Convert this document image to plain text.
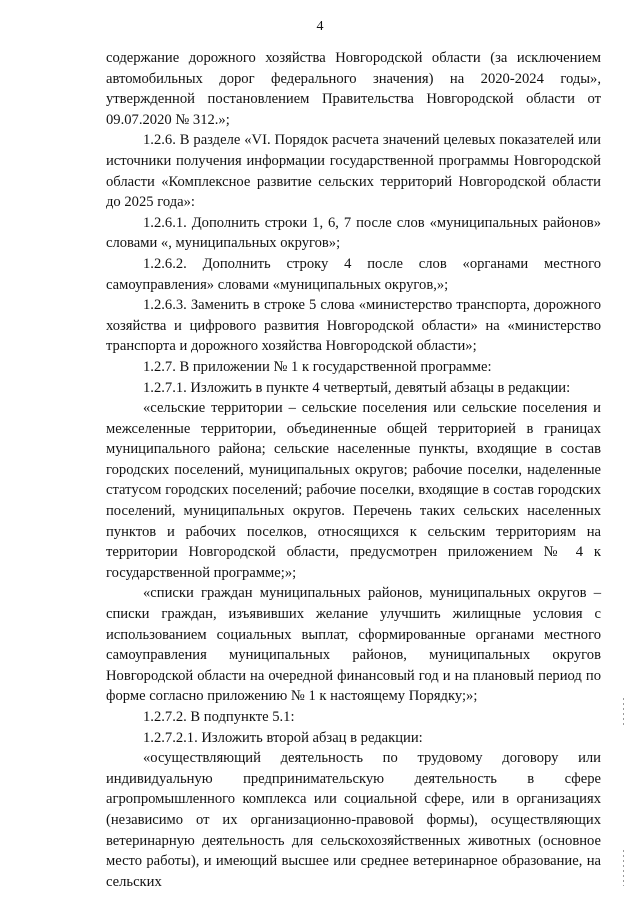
4

содержание дорожного хозяйства Новгородской области (за исключением автомобильных дорог федерального значения) на 2020-2024 годы», утвержденной постановлением Правительства Новгородской области от 09.07.2020 № 312.»;

1.2.6. В разделе «VI. Порядок расчета значений целевых показателей или источники получения информации государственной программы Новгородской области «Комплексное развитие сельских территорий Новгородской области до 2025 года»:

1.2.6.1. Дополнить строки 1, 6, 7 после слов «муниципальных районов» словами «, муниципальных округов»;

1.2.6.2. Дополнить строку 4 после слов «органами местного самоуправления» словами «муниципальных округов,»;

1.2.6.3. Заменить в строке 5 слова «министерство транспорта, дорожного хозяйства и цифрового развития Новгородской области» на «министерство транспорта и дорожного хозяйства Новгородской области»;

1.2.7. В приложении № 1 к государственной программе:

1.2.7.1. Изложить в пункте 4 четвертый, девятый абзацы в редакции:

«сельские территории – сельские поселения или сельские поселения и межселенные территории, объединенные общей территорией в границах муниципального района; сельские населенные пункты, входящие в состав городских поселений, муниципальных округов; рабочие поселки, наделенные статусом городских поселений; рабочие поселки, входящие в состав городских поселений, муниципальных округов. Перечень таких сельских населенных пунктов и рабочих поселков, относящихся к сельским территориям на территории Новгородской области, предусмотрен приложением № 4 к государственной программе;»;

«списки граждан муниципальных районов, муниципальных округов – списки граждан, изъявивших желание улучшить жилищные условия с использованием социальных выплат, сформированные органами местного самоуправления муниципальных районов, муниципальных округов Новгородской области на очередной финансовый год и на плановый период по форме согласно приложению № 1 к настоящему Порядку;»;

1.2.7.2. В подпункте 5.1:

1.2.7.2.1. Изложить второй абзац в редакции:

«осуществляющий деятельность по трудовому договору или индивидуальную предпринимательскую деятельность в сфере агропромышленного комплекса или социальной сфере, или в организациях (независимо от их организационно-правовой формы), осуществляющих ветеринарную деятельность для сельскохозяйственных животных (основное место работы), и имеющий высшее или среднее ветеринарное образование, на сельских
